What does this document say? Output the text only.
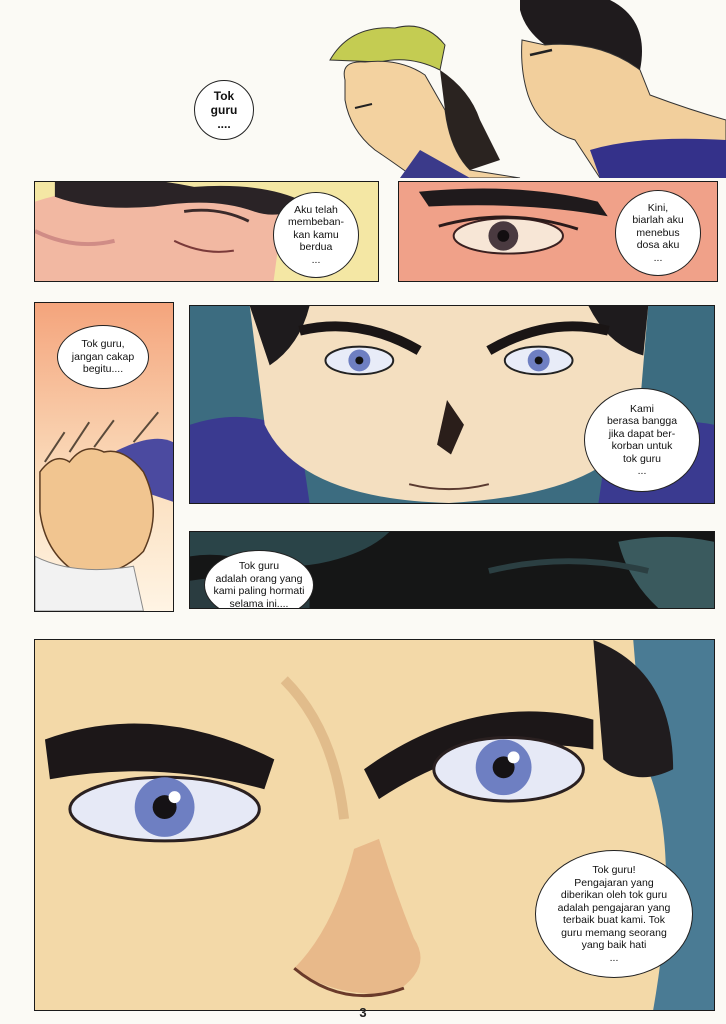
Tok
guru
....
Aku telah
membeban-
kan kamu
berdua
...
Kini,
biarlah aku
menebus
dosa aku
...
Tok guru,
jangan cakap
begitu....
Kami
berasa bangga
jika dapat ber-
korban untuk
tok guru
...
Tok guru
adalah orang yang
kami paling hormati
selama ini....
Tok guru!
Pengajaran yang
diberikan oleh tok guru
adalah pengajaran yang
terbaik buat kami. Tok
guru memang seorang
yang baik hati
...
3
